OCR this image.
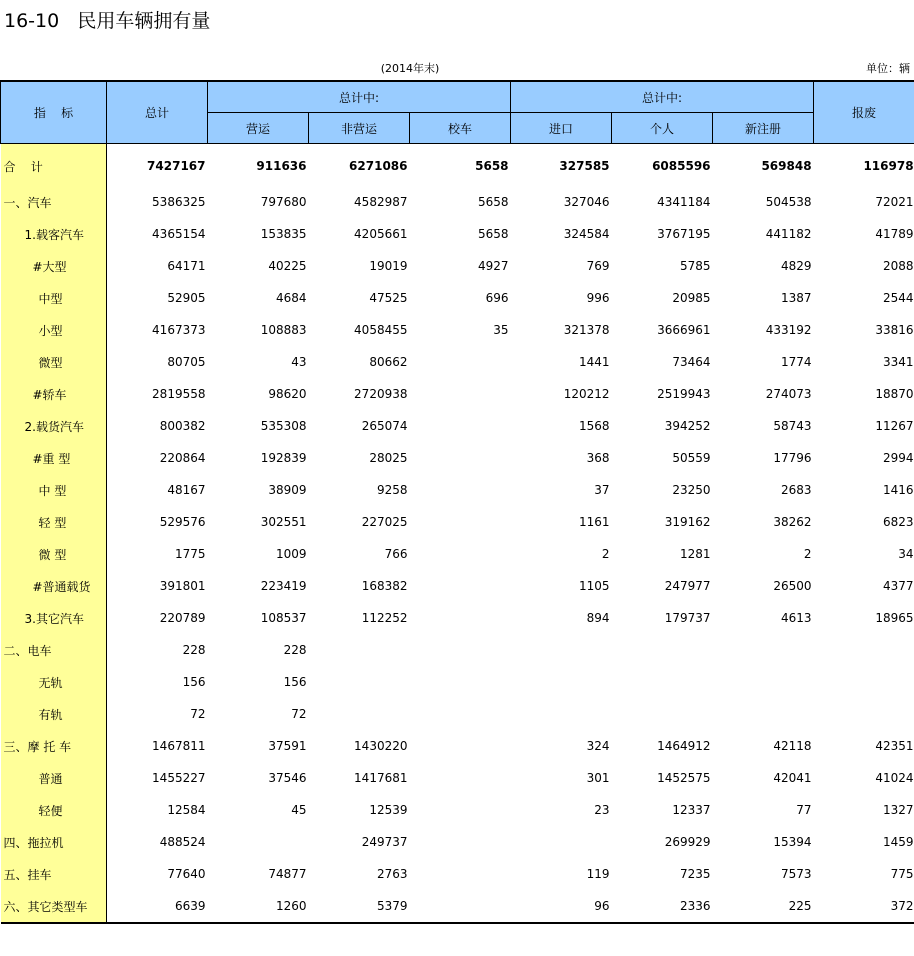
16-10   民用车辆拥有量
(2014年末)	单位：辆
指    标	总计	总计中:			总计中:			报废
		营运	非营运	校车	进口	个人	新注册	
合    计	7427167	911636	6271086	5658	327585	6085596	569848	116978
一、汽车	5386325	797680	4582987	5658	327046	4341184	504538	72021
1.载客汽车	4365154	153835	4205661	5658	324584	3767195	441182	41789
#大型	64171	40225	19019	4927	769	5785	4829	2088
中型	52905	4684	47525	696	996	20985	1387	2544
小型	4167373	108883	4058455	35	321378	3666961	433192	33816
微型	80705	43	80662		1441	73464	1774	3341
#轿车	2819558	98620	2720938		120212	2519943	274073	18870
2.载货汽车	800382	535308	265074		1568	394252	58743	11267
#重 型	220864	192839	28025		368	50559	17796	2994
中 型	48167	38909	9258		37	23250	2683	1416
轻 型	529576	302551	227025		1161	319162	38262	6823
微 型	1775	1009	766		2	1281	2	34
#普通载货	391801	223419	168382		1105	247977	26500	4377
3.其它汽车	220789	108537	112252		894	179737	4613	18965
二、电车	228	228						
无轨	156	156						
有轨	72	72						
三、摩 托 车	1467811	37591	1430220		324	1464912	42118	42351
普通	1455227	37546	1417681		301	1452575	42041	41024
轻便	12584	45	12539		23	12337	77	1327
四、拖拉机	488524		249737			269929	15394	1459
五、挂车	77640	74877	2763		119	7235	7573	775
六、其它类型车	6639	1260	5379		96	2336	225	372
